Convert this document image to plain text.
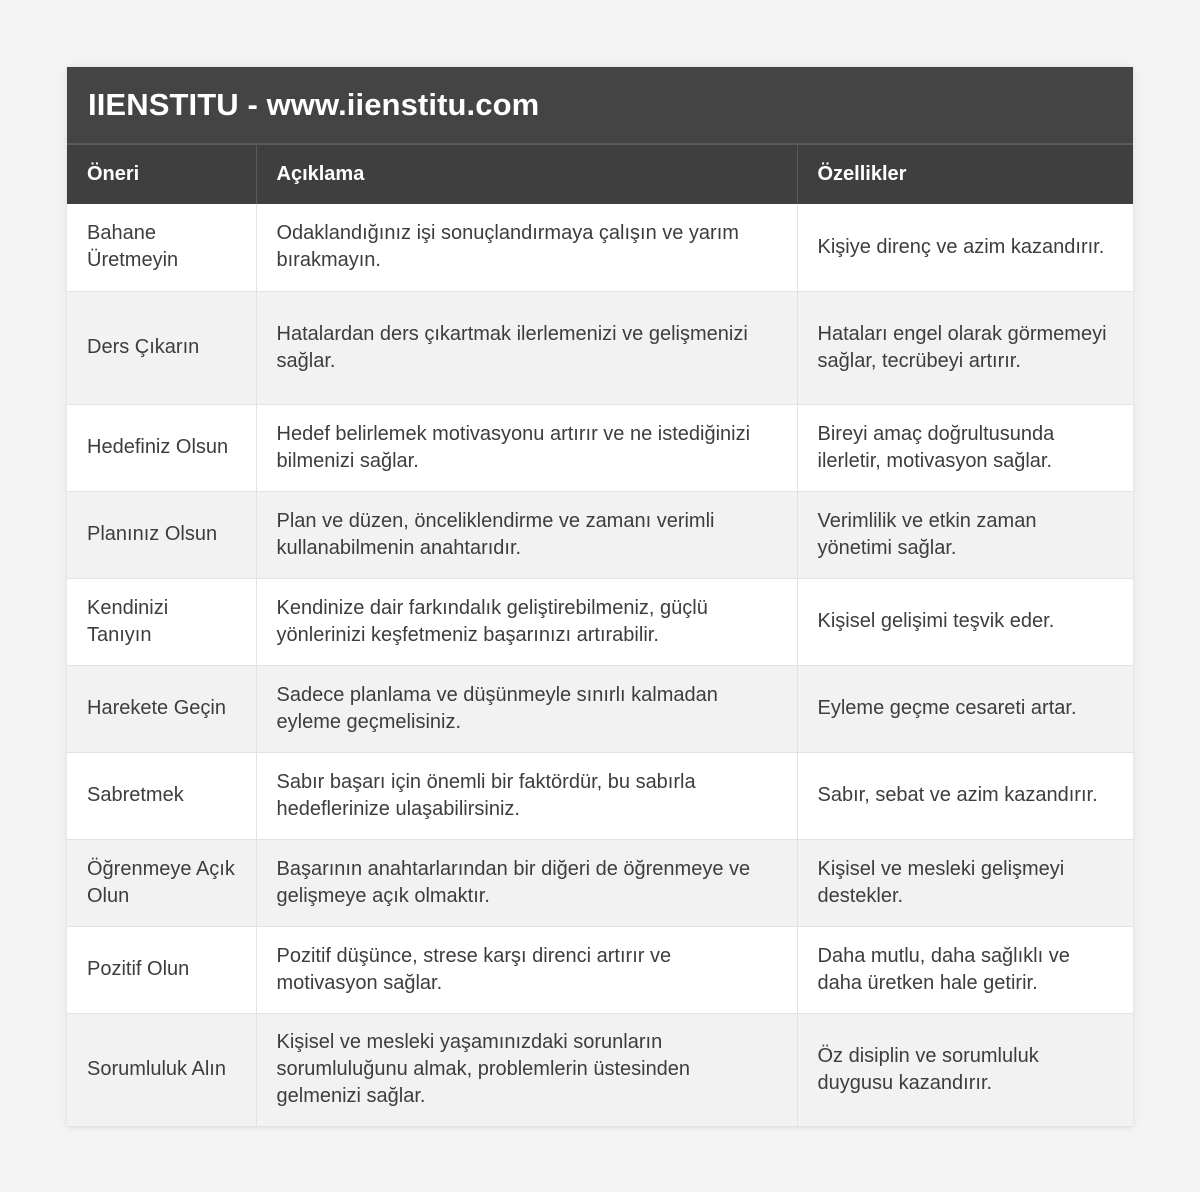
IIENSTITU - www.iienstitu.com
Öneri	Açıklama	Özellikler
Bahane Üretmeyin	Odaklandığınız işi sonuçlandırmaya çalışın ve yarım bırakmayın.	Kişiye direnç ve azim kazandırır.
Ders Çıkarın	Hatalardan ders çıkartmak ilerlemenizi ve gelişmenizi sağlar.	Hataları engel olarak görmemeyi sağlar, tecrübeyi artırır.
Hedefiniz Olsun	Hedef belirlemek motivasyonu artırır ve ne istediğinizi bilmenizi sağlar.	Bireyi amaç doğrultusunda ilerletir, motivasyon sağlar.
Planınız Olsun	Plan ve düzen, önceliklendirme ve zamanı verimli kullanabilmenin anahtarıdır.	Verimlilik ve etkin zaman yönetimi sağlar.
Kendinizi Tanıyın	Kendinize dair farkındalık geliştirebilmeniz, güçlü yönlerinizi keşfetmeniz başarınızı artırabilir.	Kişisel gelişimi teşvik eder.
Harekete Geçin	Sadece planlama ve düşünmeyle sınırlı kalmadan eyleme geçmelisiniz.	Eyleme geçme cesareti artar.
Sabretmek	Sabır başarı için önemli bir faktördür, bu sabırla hedeflerinize ulaşabilirsiniz.	Sabır, sebat ve azim kazandırır.
Öğrenmeye Açık Olun	Başarının anahtarlarından bir diğeri de öğrenmeye ve gelişmeye açık olmaktır.	Kişisel ve mesleki gelişmeyi destekler.
Pozitif Olun	Pozitif düşünce, strese karşı direnci artırır ve motivasyon sağlar.	Daha mutlu, daha sağlıklı ve daha üretken hale getirir.
Sorumluluk Alın	Kişisel ve mesleki yaşamınızdaki sorunların sorumluluğunu almak, problemlerin üstesinden gelmenizi sağlar.	Öz disiplin ve sorumluluk duygusu kazandırır.
